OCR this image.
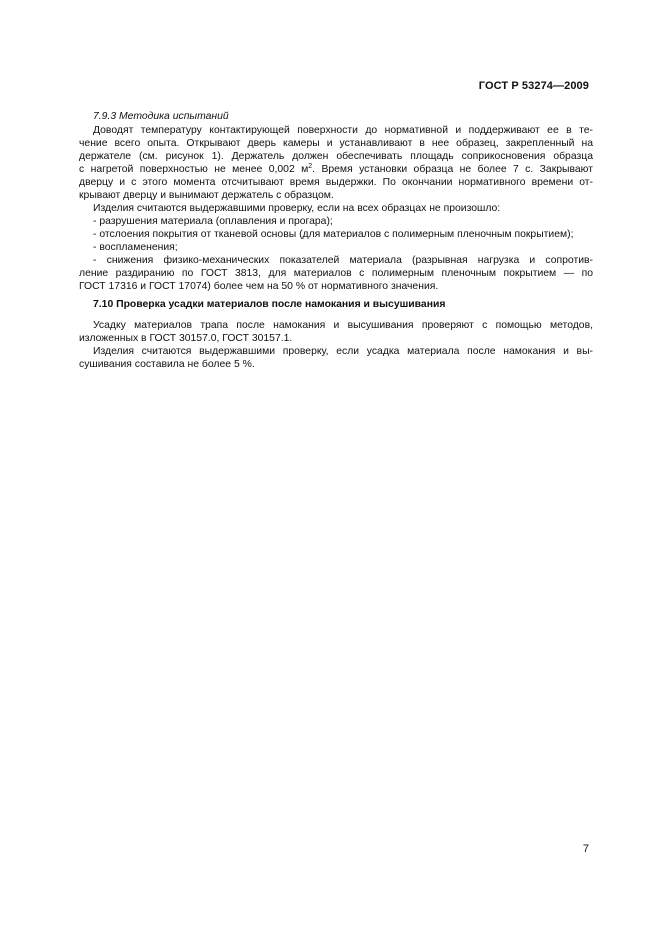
ГОСТ Р 53274—2009
7.9.3 Методика испытаний
Доводят температуру контактирующей поверхности до нормативной и поддерживают ее в те-
чение всего опыта. Открывают дверь камеры и устанавливают в нее образец, закрепленный на
держателе (см. рисунок 1). Держатель должен обеспечивать площадь соприкосновения образца
с нагретой поверхностью не менее 0,002 $м^2$. Время установки образца не более 7 с. Закрывают
дверцу и с этого момента отсчитывают время выдержки. По окончании нормативного времени от-
крывают дверцу и вынимают держатель с образцом.
Изделия считаются выдержавшими проверку, если на всех образцах не произошло:
- разрушения материала (оплавления и прогара);
- отслоения покрытия от тканевой основы (для материалов с полимерным пленочным покрытием);
- воспламенения;
- снижения физико-механических показателей материала (разрывная нагрузка и сопротив-
ление раздиранию по ГОСТ 3813, для материалов с полимерным пленочным покрытием — по
ГОСТ 17316 и ГОСТ 17074) более чем на 50 % от нормативного значения.
7.10 Проверка усадки материалов после намокания и высушивания
Усадку материалов трапа после намокания и высушивания проверяют с помощью методов,
изложенных в ГОСТ 30157.0, ГОСТ 30157.1.
Изделия считаются выдержавшими проверку, если усадка материала после намокания и вы-
сушивания составила не более 5 %.
7
